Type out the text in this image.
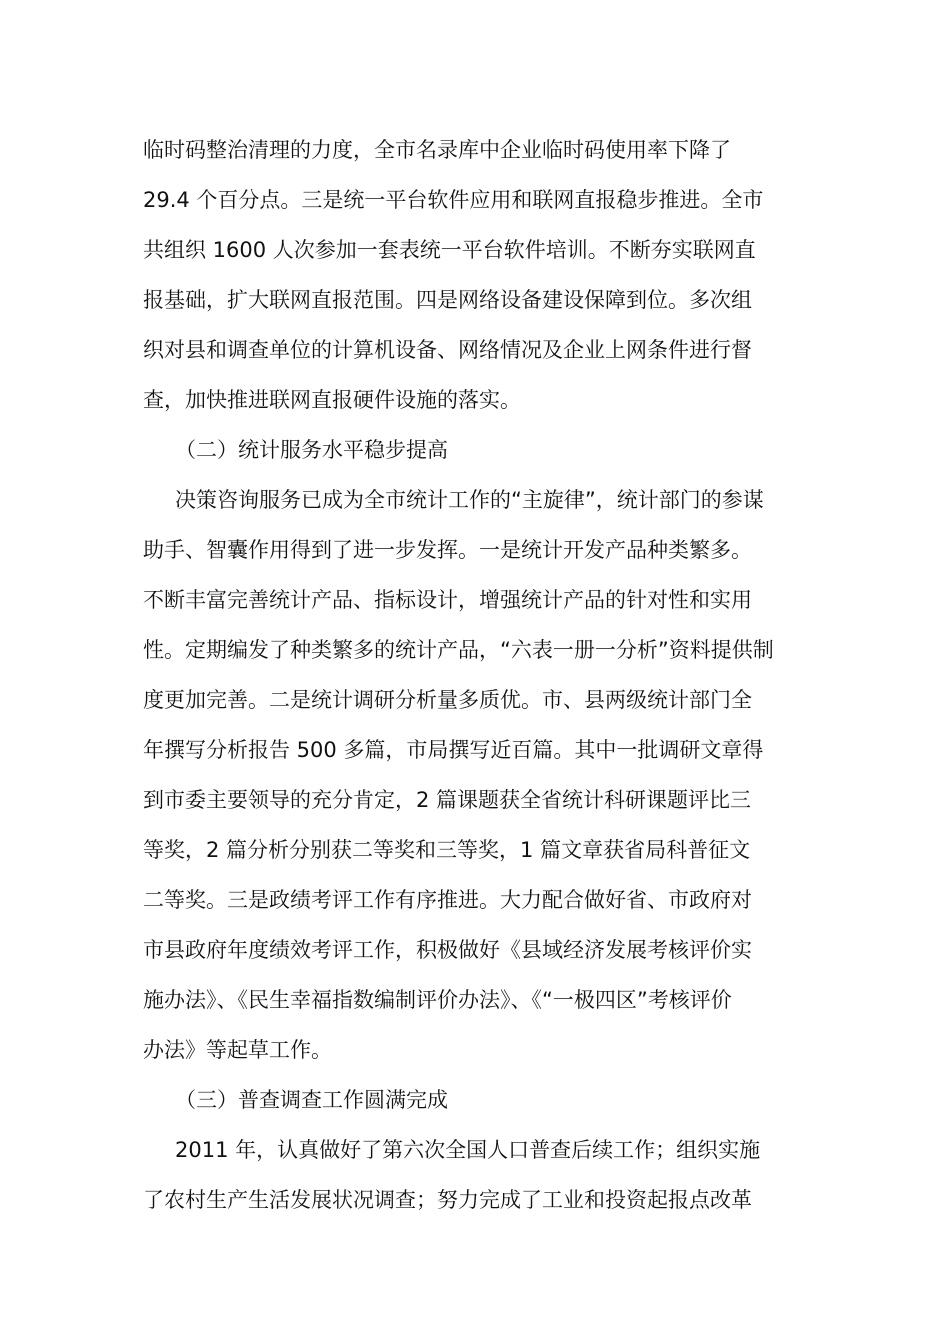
临时码整治清理的力度，全市名录库中企业临时码使用率下降了

29.4 个百分点。三是统一平台软件应用和联网直报稳步推进。全市

共组织 1600 人次参加一套表统一平台软件培训。不断夯实联网直

报基础，扩大联网直报范围。四是网络设备建设保障到位。多次组

织对县和调查单位的计算机设备、网络情况及企业上网条件进行督

查，加快推进联网直报硬件设施的落实。

（二）统计服务水平稳步提高

决策咨询服务已成为全市统计工作的“主旋律”，统计部门的参谋

助手、智囊作用得到了进一步发挥。一是统计开发产品种类繁多。

不断丰富完善统计产品、指标设计，增强统计产品的针对性和实用

性。定期编发了种类繁多的统计产品，“六表一册一分析”资料提供制

度更加完善。二是统计调研分析量多质优。市、县两级统计部门全

年撰写分析报告 500 多篇，市局撰写近百篇。其中一批调研文章得

到市委主要领导的充分肯定，2 篇课题获全省统计科研课题评比三

等奖，2 篇分析分别获二等奖和三等奖，1 篇文章获省局科普征文

二等奖。三是政绩考评工作有序推进。大力配合做好省、市政府对

市县政府年度绩效考评工作，积极做好《县域经济发展考核评价实

施办法》、《民生幸福指数编制评价办法》、《“一极四区”考核评价

办法》等起草工作。

（三）普查调查工作圆满完成

2011 年，认真做好了第六次全国人口普查后续工作；组织实施

了农村生产生活发展状况调查；努力完成了工业和投资起报点改革
